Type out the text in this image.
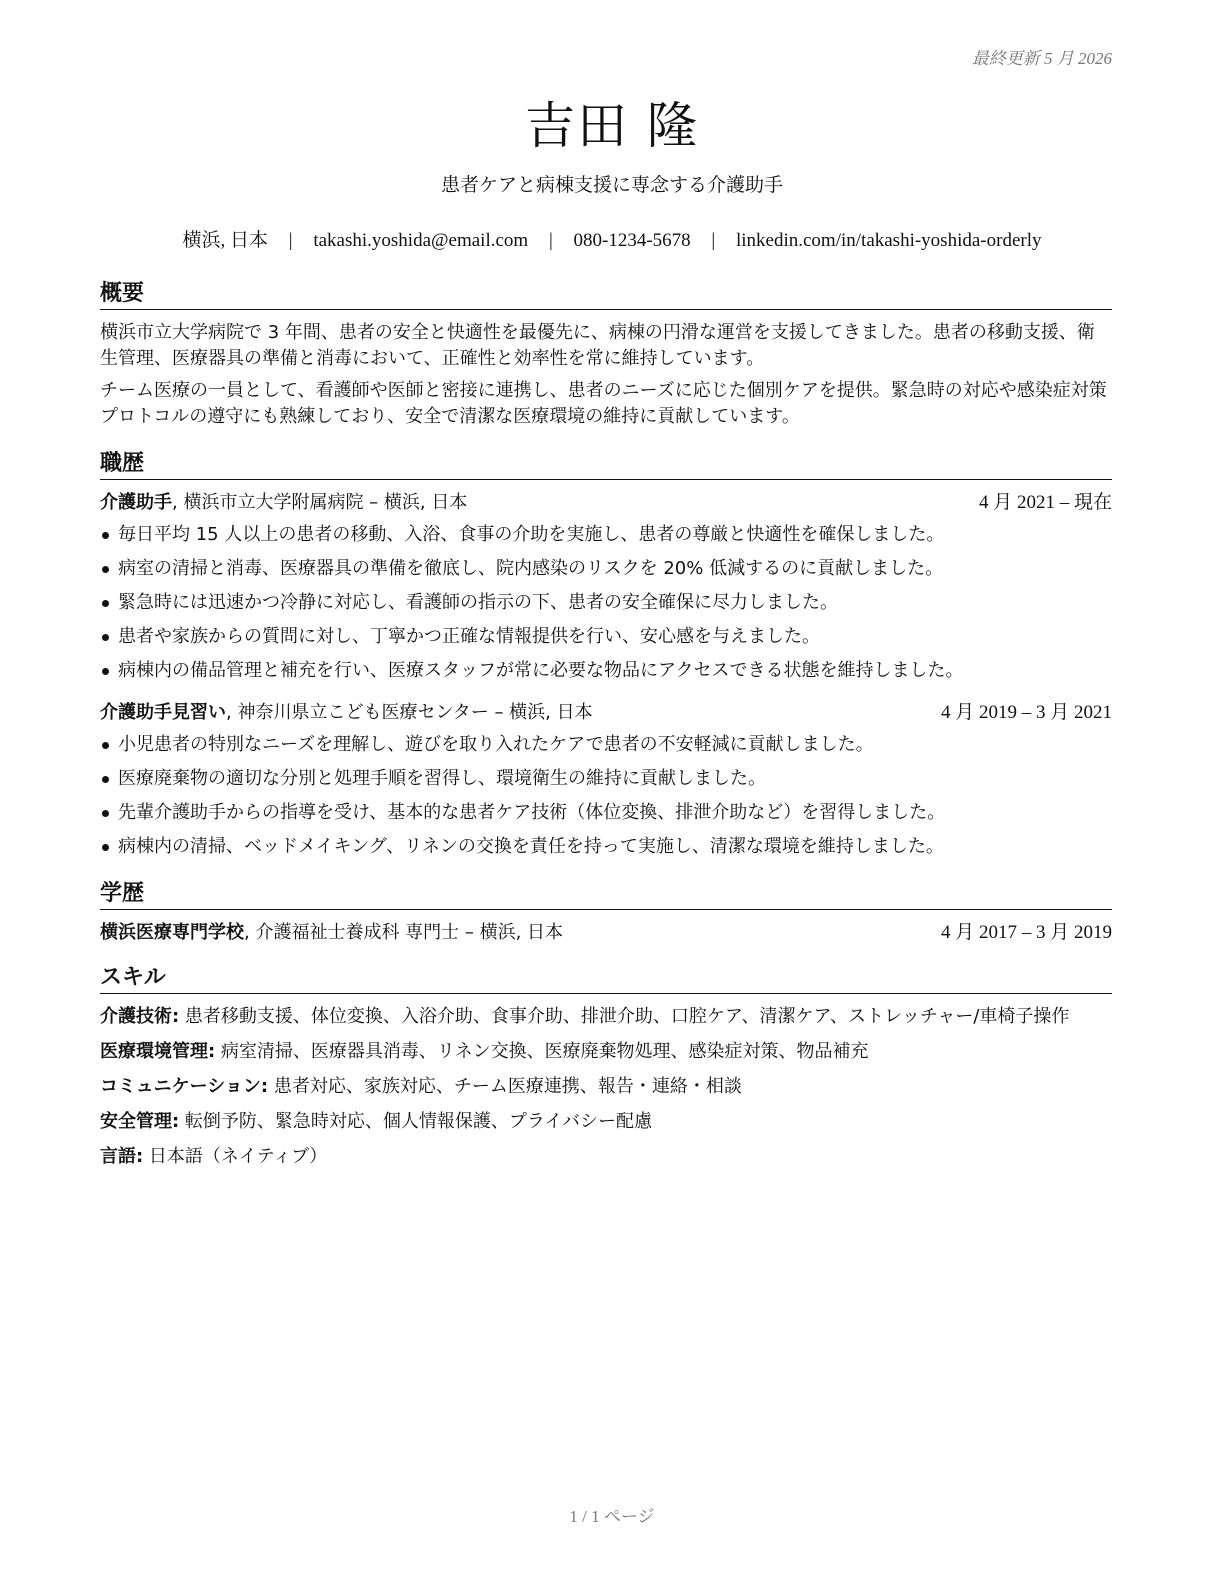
最終更新 5 月 2026
吉田 隆
患者ケアと病棟支援に専念する介護助手
横浜, 日本 | takashi.yoshida@email.com | 080-1234-5678 | linkedin.com/in/takashi-yoshida-orderly
概要

横浜市立大学病院で 3 年間、患者の安全と快適性を最優先に、病棟の円滑な運営を支援してきました。患者の移動支援、衛生管理、医療器具の準備と消毒において、正確性と効率性を常に維持しています。

チーム医療の一員として、看護師や医師と密接に連携し、患者のニーズに応じた個別ケアを提供。緊急時の対応や感染症対策プロトコルの遵守にも熟練しており、安全で清潔な医療環境の維持に貢献しています。

職歴
介護助手, 横浜市立大学附属病院 – 横浜, 日本	4 月 2021 – 現在
毎日平均 15 人以上の患者の移動、入浴、食事の介助を実施し、患者の尊厳と快適性を確保しました。
病室の清掃と消毒、医療器具の準備を徹底し、院内感染のリスクを 20% 低減するのに貢献しました。
緊急時には迅速かつ冷静に対応し、看護師の指示の下、患者の安全確保に尽力しました。
患者や家族からの質問に対し、丁寧かつ正確な情報提供を行い、安心感を与えました。
病棟内の備品管理と補充を行い、医療スタッフが常に必要な物品にアクセスできる状態を維持しました。
介護助手見習い, 神奈川県立こども医療センター – 横浜, 日本	4 月 2019 – 3 月 2021
小児患者の特別なニーズを理解し、遊びを取り入れたケアで患者の不安軽減に貢献しました。
医療廃棄物の適切な分別と処理手順を習得し、環境衛生の維持に貢献しました。
先輩介護助手からの指導を受け、基本的な患者ケア技術（体位変換、排泄介助など）を習得しました。
病棟内の清掃、ベッドメイキング、リネンの交換を責任を持って実施し、清潔な環境を維持しました。
学歴
横浜医療専門学校, 介護福祉士養成科 専門士 – 横浜, 日本	4 月 2017 – 3 月 2019
スキル
介護技術: 患者移動支援、体位変換、入浴介助、食事介助、排泄介助、口腔ケア、清潔ケア、ストレッチャー/車椅子操作
医療環境管理: 病室清掃、医療器具消毒、リネン交換、医療廃棄物処理、感染症対策、物品補充
コミュニケーション: 患者対応、家族対応、チーム医療連携、報告・連絡・相談
安全管理: 転倒予防、緊急時対応、個人情報保護、プライバシー配慮
言語: 日本語（ネイティブ）
1 / 1 ページ
